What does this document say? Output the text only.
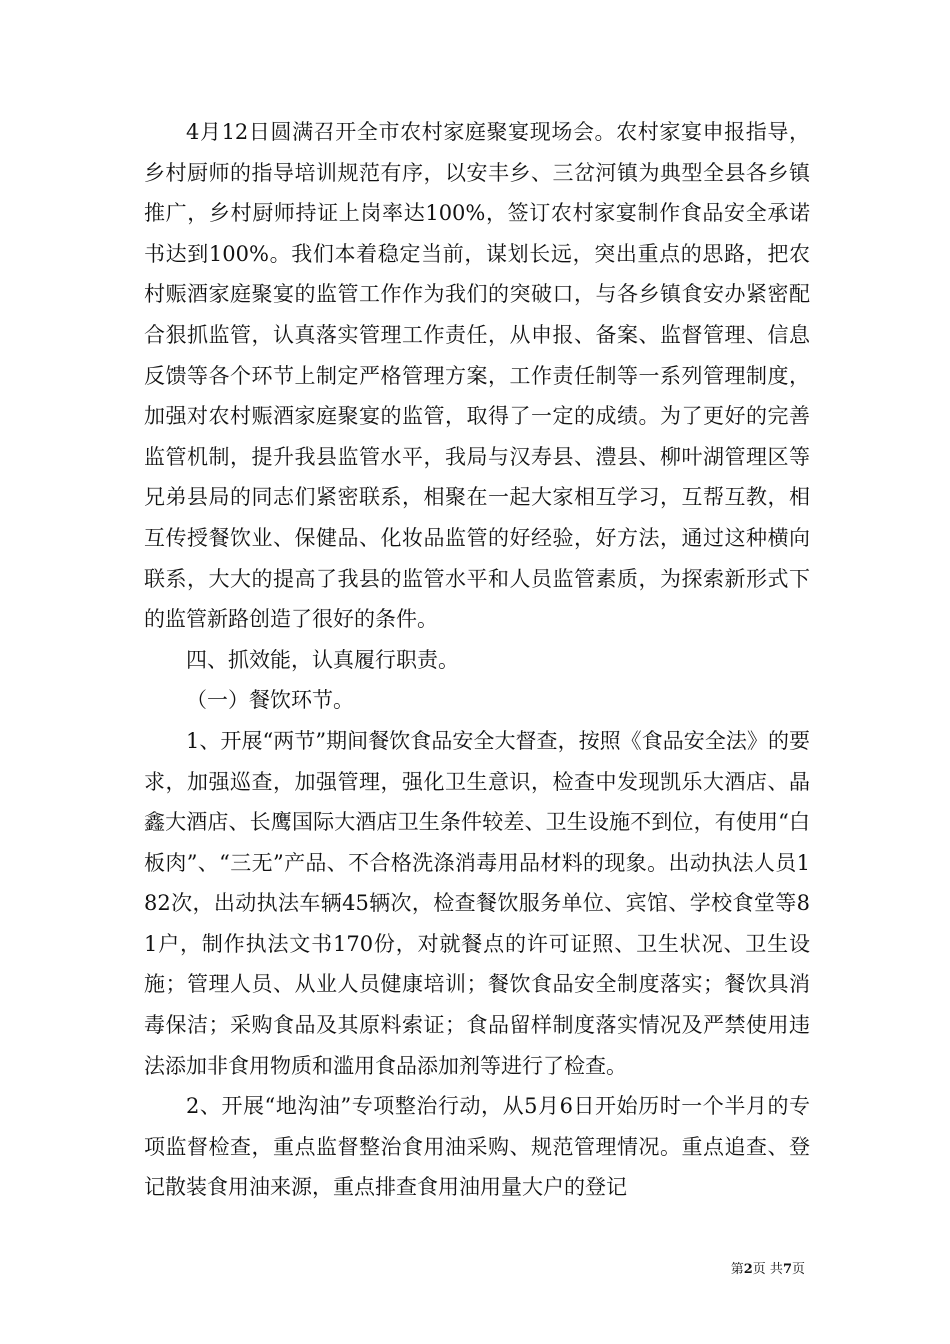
4月12日圆满召开全市农村家庭聚宴现场会。农村家宴申报指导，乡村厨师的指导培训规范有序，以安丰乡、三岔河镇为典型全县各乡镇推广，乡村厨师持证上岗率达100%，签订农村家宴制作食品安全承诺书达到100%。我们本着稳定当前，谋划长远，突出重点的思路，把农村赈酒家庭聚宴的监管工作作为我们的突破口，与各乡镇食安办紧密配合狠抓监管，认真落实管理工作责任，从申报、备案、监督管理、信息反馈等各个环节上制定严格管理方案，工作责任制等一系列管理制度，加强对农村赈酒家庭聚宴的监管，取得了一定的成绩。为了更好的完善监管机制，提升我县监管水平，我局与汉寿县、澧县、柳叶湖管理区等兄弟县局的同志们紧密联系，相聚在一起大家相互学习，互帮互教，相互传授餐饮业、保健品、化妆品监管的好经验，好方法，通过这种横向联系，大大的提高了我县的监管水平和人员监管素质，为探索新形式下的监管新路创造了很好的条件。

四、抓效能，认真履行职责。

（一）餐饮环节。

1、开展“两节”期间餐饮食品安全大督查，按照《食品安全法》的要求，加强巡查，加强管理，强化卫生意识，检查中发现凯乐大酒店、晶鑫大酒店、长鹰国际大酒店卫生条件较差、卫生设施不到位，有使用“白板肉”、“三无”产品、不合格洗涤消毒用品材料的现象。出动执法人员182次，出动执法车辆45辆次，检查餐饮服务单位、宾馆、学校食堂等81户，制作执法文书170份，对就餐点的许可证照、卫生状况、卫生设施；管理人员、从业人员健康培训；餐饮食品安全制度落实；餐饮具消毒保洁；采购食品及其原料索证；食品留样制度落实情况及严禁使用违法添加非食用物质和滥用食品添加剂等进行了检查。

2、开展“地沟油”专项整治行动，从5月6日开始历时一个半月的专项监督检查，重点监督整治食用油采购、规范管理情况。重点追查、登记散装食用油来源，重点排查食用油用量大户的登记

第2页 共7页
